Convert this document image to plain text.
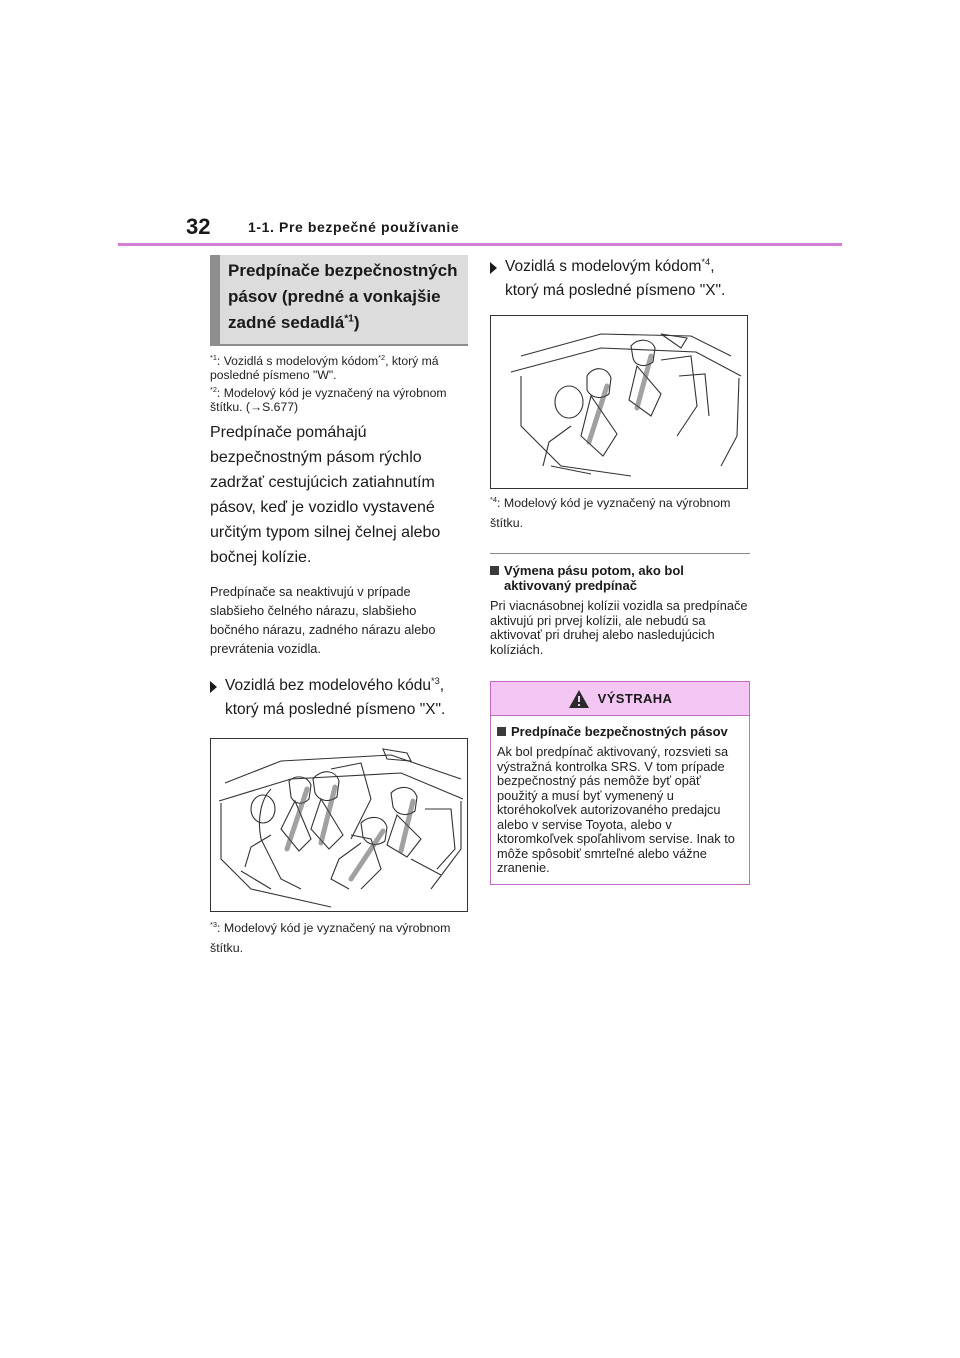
32	1-1. Pre bezpečné používanie
Predpínače bezpečnostných
pásov (predné a vonkajšie
zadné sedadlá$^{*1}$)
$^{*1}$: Vozidlá s modelovým kódom$^{*2}$, ktorý má posledné písmeno "W".
$^{*2}$: Modelový kód je vyznačený na výrobnom štítku. (→S.677)

Predpínače pomáhajú bezpečnostným pásom rýchlo zadržať cestujúcich zatiahnutím pásov, keď je vozidlo vystavené určitým typom silnej čelnej alebo bočnej kolízie.

Predpínače sa neaktivujú v prípade slabšieho čelného nárazu, slabšieho bočného nárazu, zadného nárazu alebo prevrátenia vozidla.

Vozidlá bez modelového kódu$^{*3}$, ktorý má posledné písmeno "X".
$^{*3}$: Modelový kód je vyznačený na výrobnom štítku.
Vozidlá s modelovým kódom$^{*4}$, ktorý má posledné písmeno "X".
$^{*4}$: Modelový kód je vyznačený na výrobnom štítku.
Výmena pásu potom, ako bol aktivovaný predpínač

Pri viacnásobnej kolízii vozidla sa predpínače aktivujú pri prvej kolízii, ale nebudú sa aktivovať pri druhej alebo nasledujúcich kolíziách.

VÝSTRAHA
Predpínače bezpečnostných pásov

Ak bol predpínač aktivovaný, rozsvieti sa výstražná kontrolka SRS. V tom prípade bezpečnostný pás nemôže byť opäť použitý a musí byť vymenený u ktoréhokoľvek autorizovaného predajcu alebo v servise Toyota, alebo v ktoromkoľvek spoľahlivom servise. Inak to môže spôsobiť smrteľné alebo vážne zranenie.
